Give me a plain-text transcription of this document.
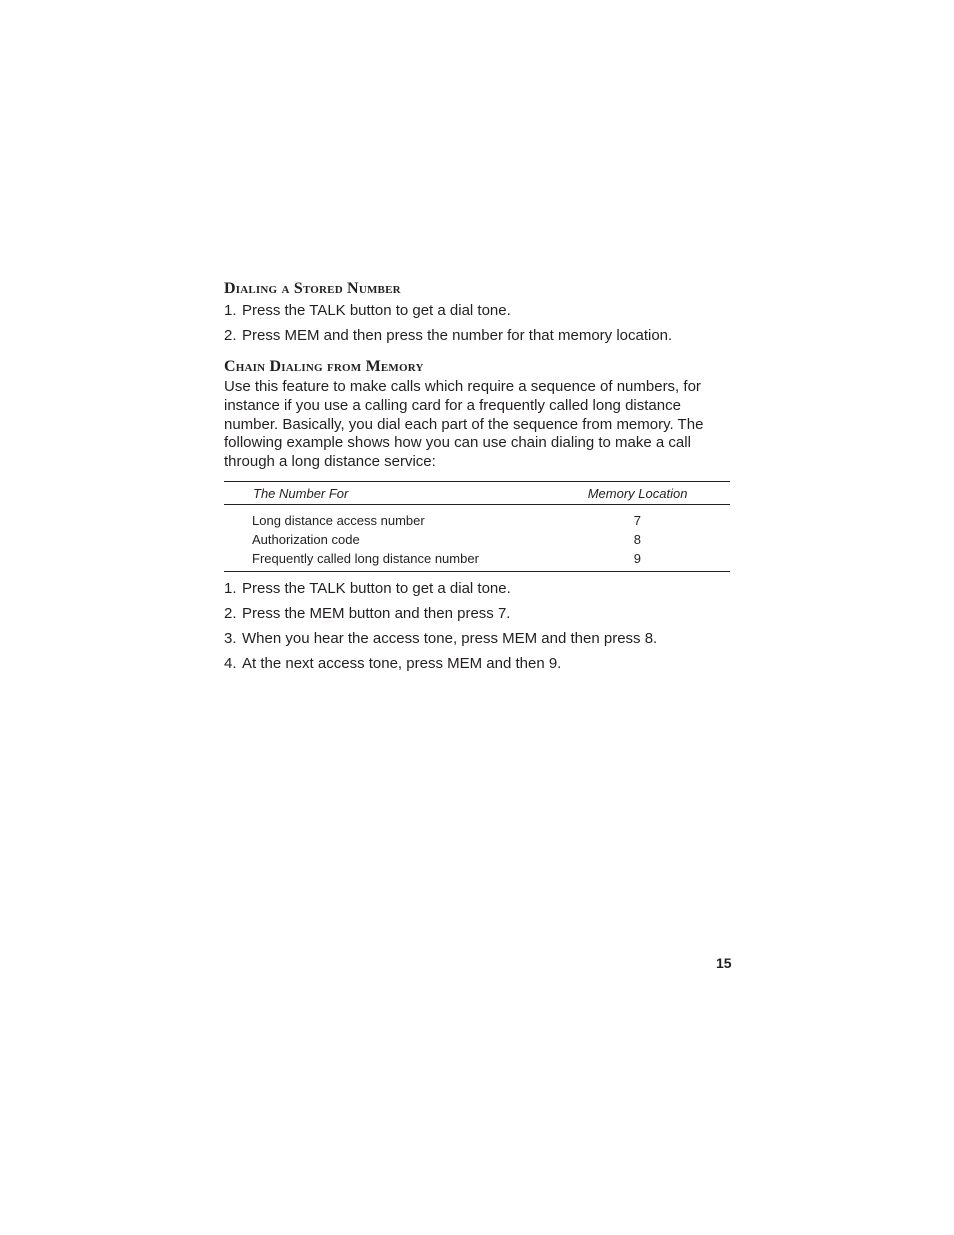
Dialing a Stored Number
1. Press the TALK button to get a dial tone.
2. Press MEM and then press the number for that memory location.
Chain Dialing from Memory

Use this feature to make calls which require a sequence of numbers, for instance if you use a calling card for a frequently called long distance number. Basically, you dial each part of the sequence from memory. The following example shows how you can use chain dialing to make a call through a long distance service:

The Number For	Memory Location
Long distance access number	7
Authorization code	8
Frequently called long distance number	9
1. Press the TALK button to get a dial tone.
2. Press the MEM button and then press 7.
3. When you hear the access tone, press MEM and then press 8.
4. At the next access tone, press MEM and then 9.
15
